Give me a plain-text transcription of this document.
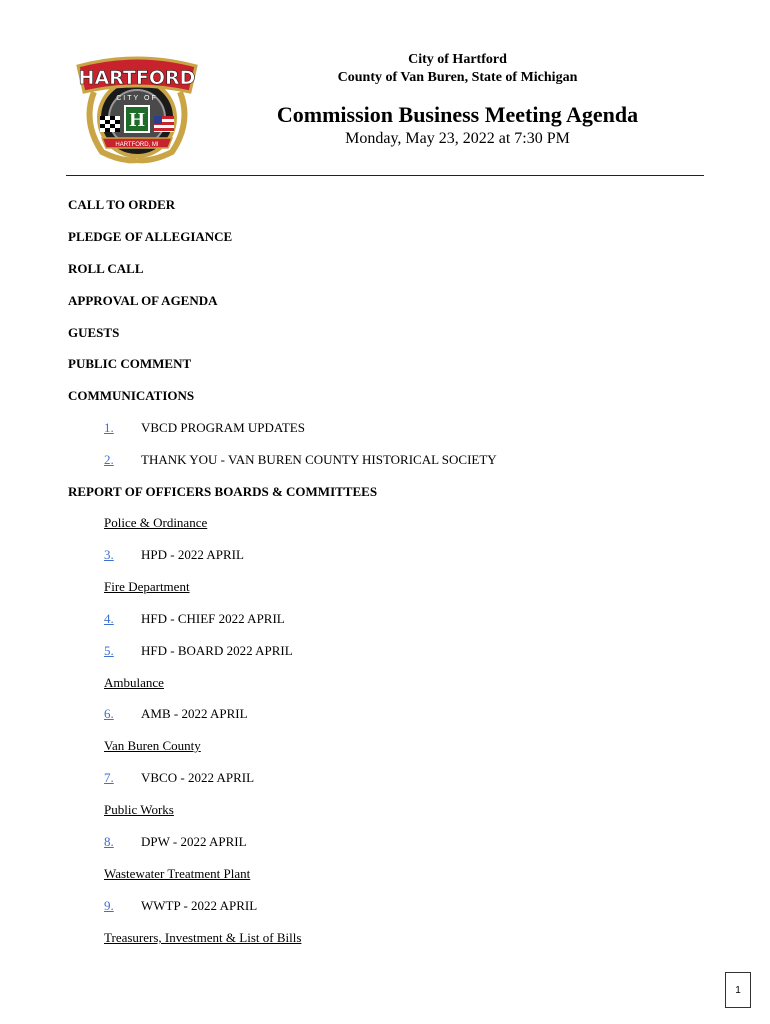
H
CITY OF
HARTFORD
HARTFORD, MI
City of Hartford
County of Van Buren, State of Michigan
Commission Business Meeting Agenda
Monday, May 23, 2022 at 7:30 PM
CALL TO ORDER
PLEDGE OF ALLEGIANCE
ROLL CALL
APPROVAL OF AGENDA
GUESTS
PUBLIC COMMENT
COMMUNICATIONS
1. VBCD PROGRAM UPDATES
2. THANK YOU - VAN BUREN COUNTY HISTORICAL SOCIETY
REPORT OF OFFICERS BOARDS & COMMITTEES
Police & Ordinance
3. HPD - 2022 APRIL
Fire Department
4. HFD - CHIEF 2022 APRIL
5. HFD - BOARD 2022 APRIL
Ambulance
6. AMB - 2022 APRIL
Van Buren County
7. VBCO - 2022 APRIL
Public Works
8. DPW - 2022 APRIL
Wastewater Treatment Plant
9. WWTP - 2022 APRIL
Treasurers, Investment & List of Bills
1
